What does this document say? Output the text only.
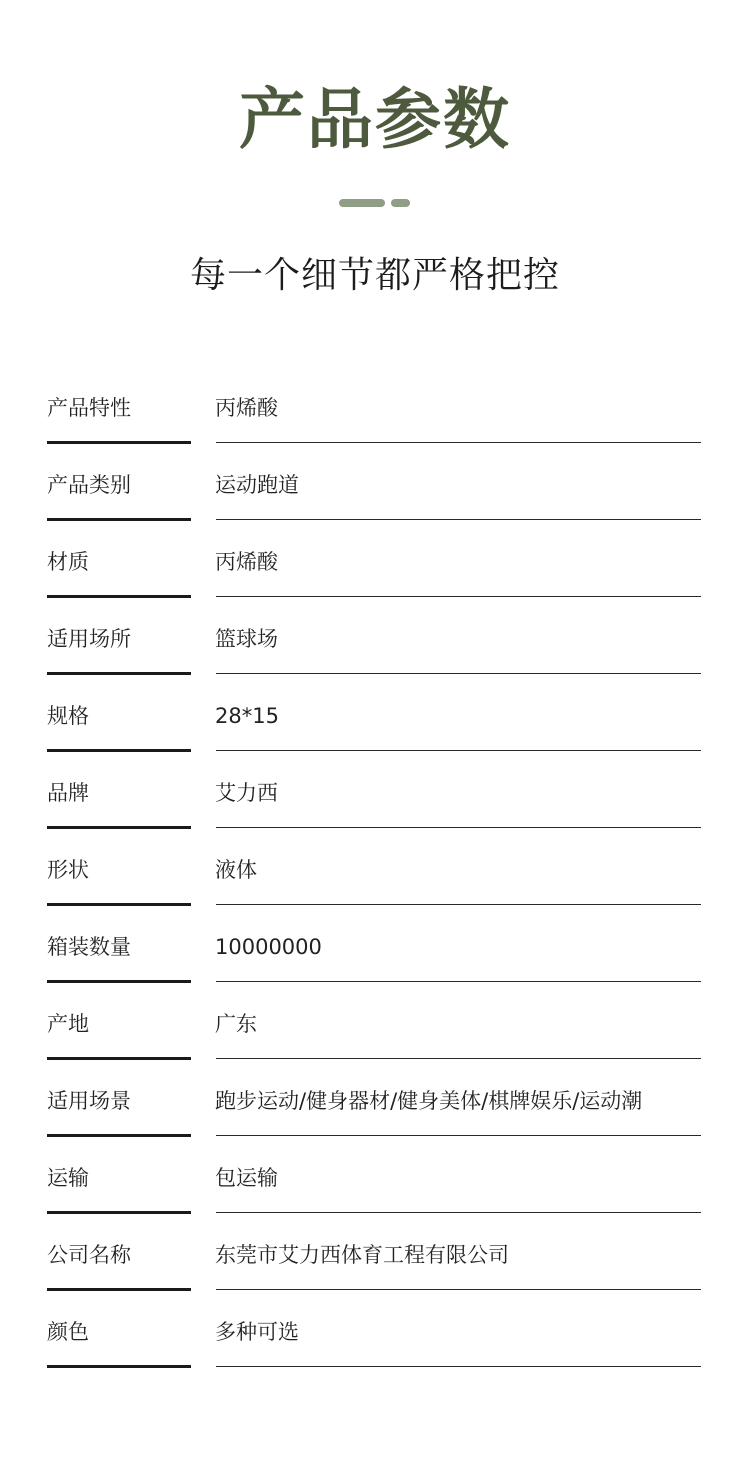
产品参数
每一个细节都严格把控
产品特性	丙烯酸
产品类别	运动跑道
材质	丙烯酸
适用场所	篮球场
规格	28*15
品牌	艾力西
形状	液体
箱装数量	10000000
产地	广东
适用场景	跑步运动/健身器材/健身美体/棋牌娱乐/运动潮
运输	包运输
公司名称	东莞市艾力西体育工程有限公司
颜色	多种可选
